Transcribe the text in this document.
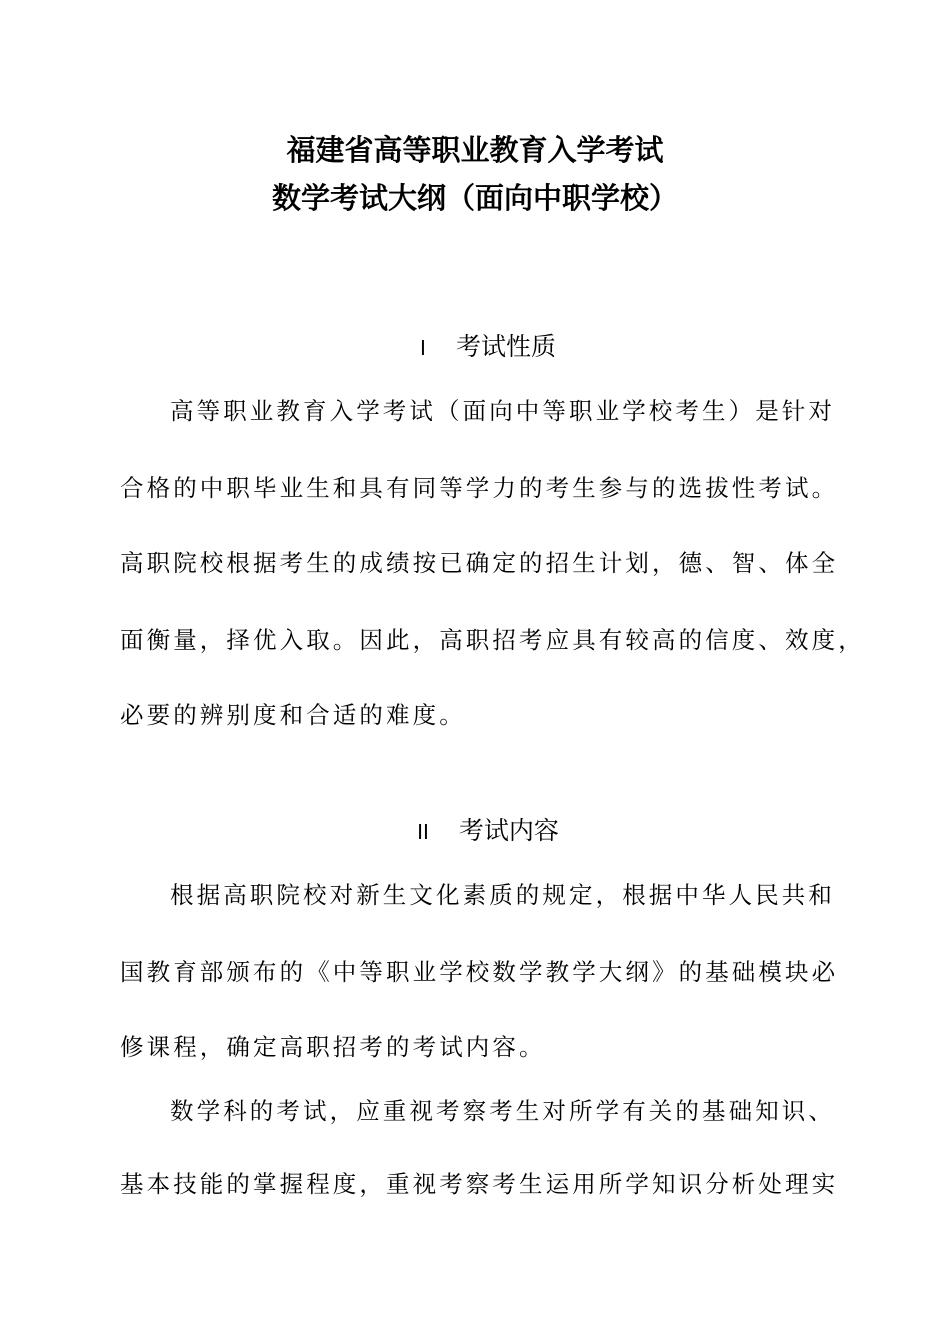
福建省高等职业教育入学考试
数学考试大纲（面向中职学校）
I 考试性质
高等职业教育入学考试（面向中等职业学校考生）是针对
合格的中职毕业生和具有同等学力的考生参与的选拔性考试。
高职院校根据考生的成绩按已确定的招生计划，德、智、体全
面衡量，择优入取。因此，高职招考应具有较高的信度、效度，
必要的辨别度和合适的难度。
II 考试内容
根据高职院校对新生文化素质的规定，根据中华人民共和
国教育部颁布的《中等职业学校数学教学大纲》的基础模块必
修课程，确定高职招考的考试内容。
数学科的考试，应重视考察考生对所学有关的基础知识、
基本技能的掌握程度，重视考察考生运用所学知识分析处理实
